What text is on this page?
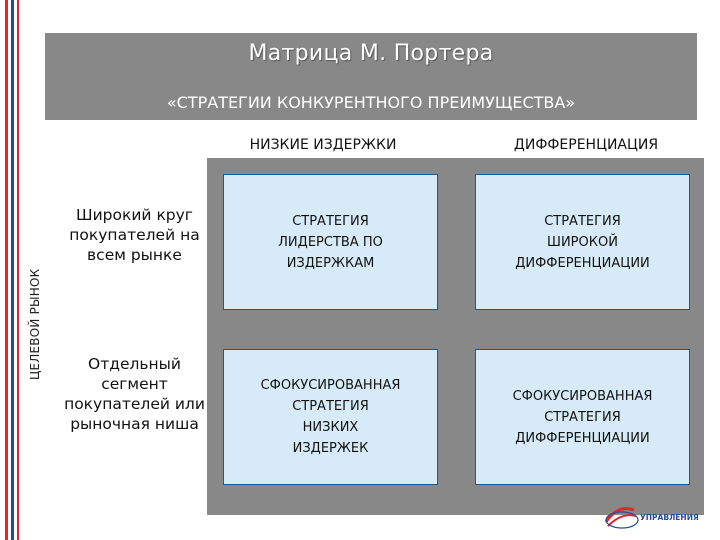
Матрица М. Портера
«СТРАТЕГИИ КОНКУРЕНТНОГО ПРЕИМУЩЕСТВА»
ЦЕЛЕВОЙ РЫНОК
НИЗКИЕ ИЗДЕРЖКИ	ДИФФЕРЕНЦИАЦИЯ
Широкий круг покупателей на всем рынке
Отдельный сегмент покупателей или рыночная ниша
СТРАТЕГИЯ
ЛИДЕРСТВА ПО
ИЗДЕРЖКАМ
СТРАТЕГИЯ
ШИРОКОЙ
ДИФФЕРЕНЦИАЦИИ
СФОКУСИРОВАННАЯ
СТРАТЕГИЯ
НИЗКИХ
ИЗДЕРЖЕК
СФОКУСИРОВАННАЯ
СТРАТЕГИЯ
ДИФФЕРЕНЦИАЦИИ
УПРАВЛЕНИЯ
